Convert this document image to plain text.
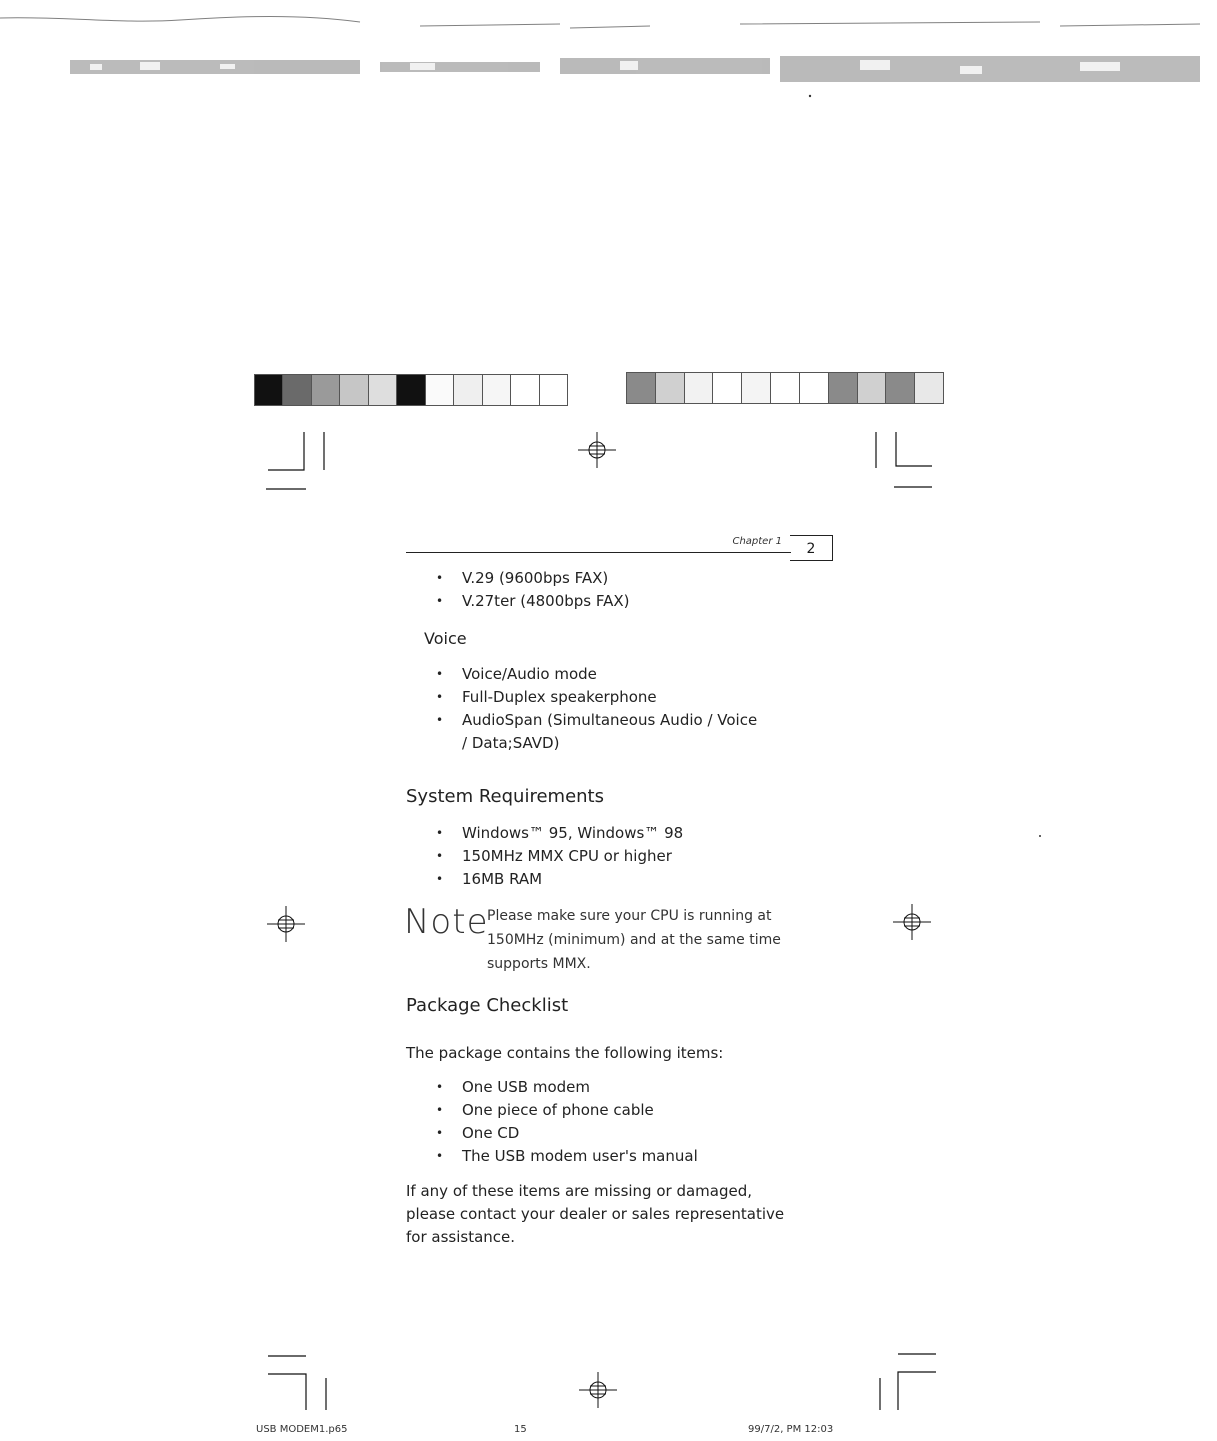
Chapter 1	2
• V.29 (9600bps FAX)
• V.27ter (4800bps FAX)
Voice
• Voice/Audio mode
• Full-Duplex speakerphone
• AudioSpan (Simultaneous Audio / Voice / Data;SAVD)
System Requirements
• Windows™ 95, Windows™ 98
• 150MHz MMX CPU or higher
• 16MB RAM
Note
Please make sure your CPU is running at 150MHz (minimum) and at the same time supports MMX.
Package Checklist
The package contains the following items:
• One USB modem
• One piece of phone cable
• One CD
• The USB modem user's manual
If any of these items are missing or damaged, please contact your dealer or sales representative for assistance.
USB MODEM1.p65	15	99/7/2, PM 12:03
